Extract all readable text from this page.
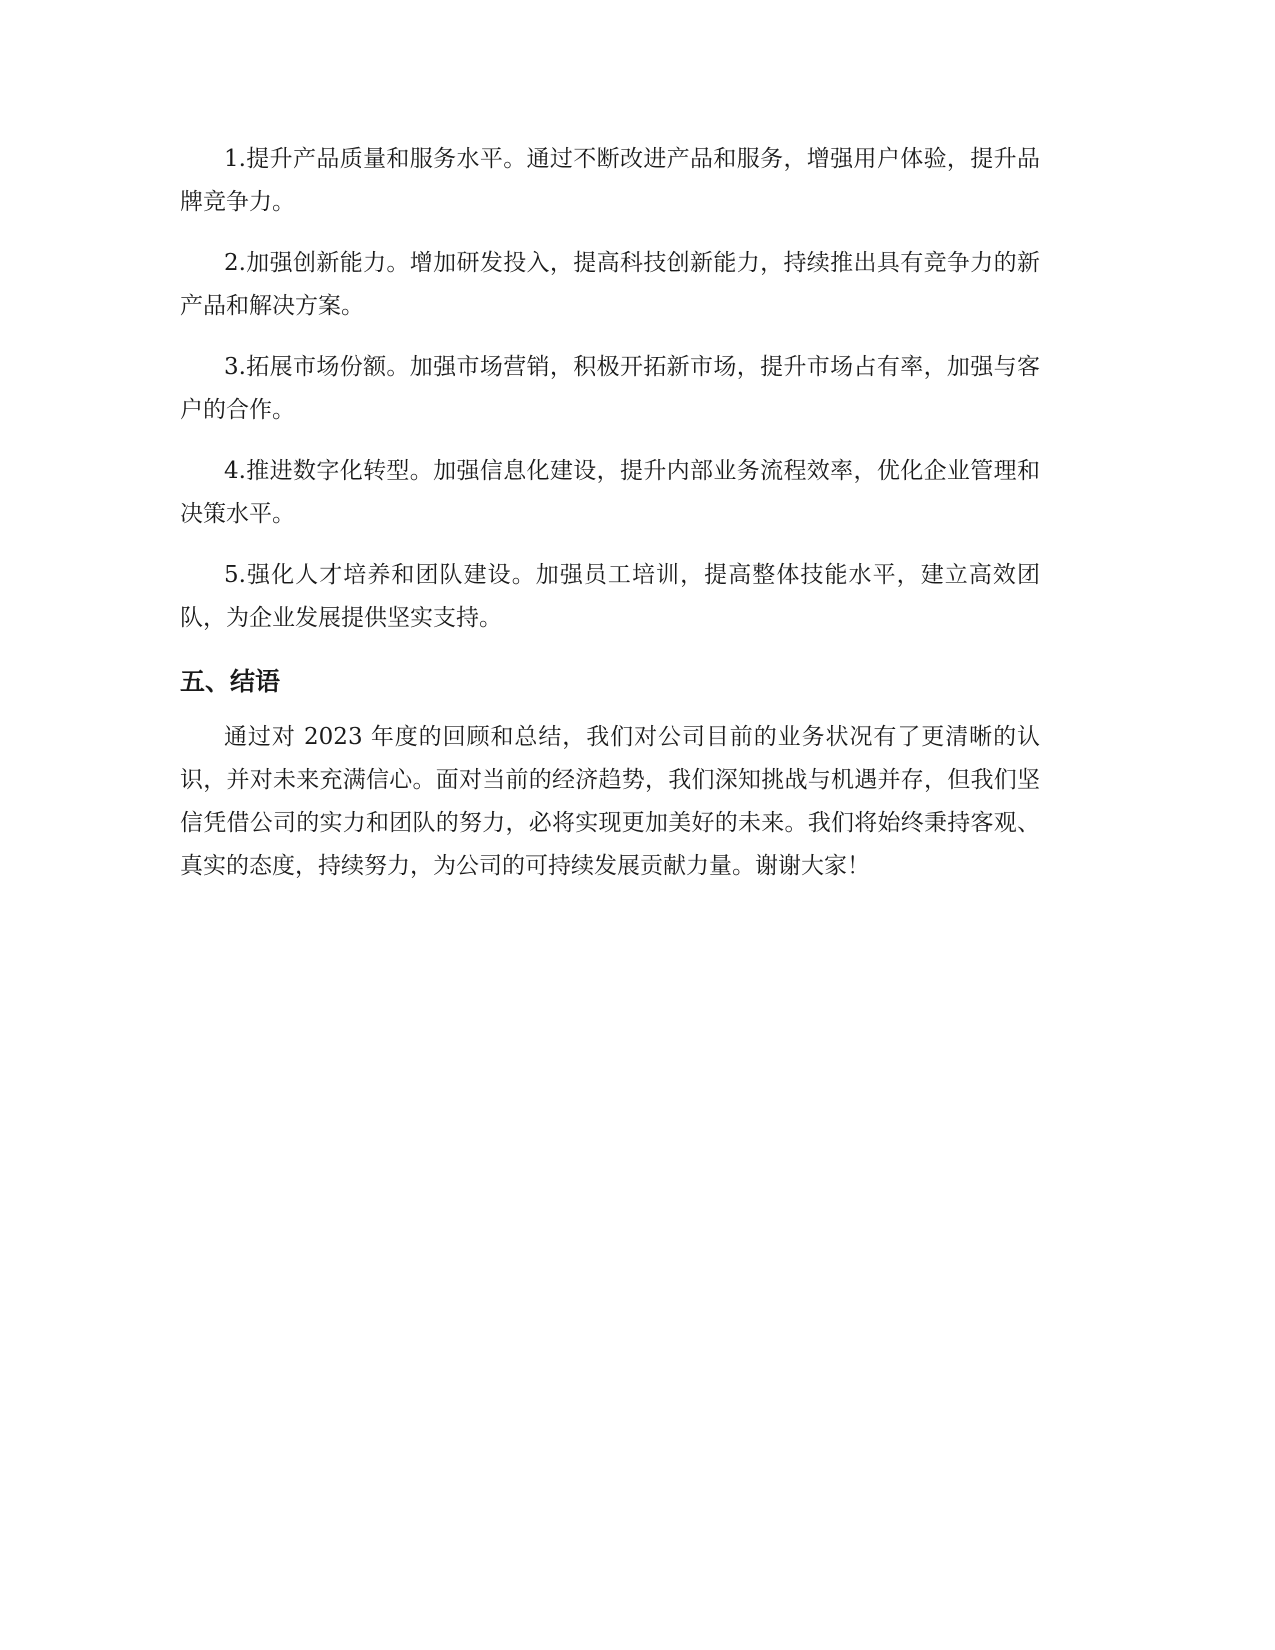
1.提升产品质量和服务水平。通过不断改进产品和服务，增强用户体验，提升品牌竞争力。

2.加强创新能力。增加研发投入，提高科技创新能力，持续推出具有竞争力的新产品和解决方案。

3.拓展市场份额。加强市场营销，积极开拓新市场，提升市场占有率，加强与客户的合作。

4.推进数字化转型。加强信息化建设，提升内部业务流程效率，优化企业管理和决策水平。

5.强化人才培养和团队建设。加强员工培训，提高整体技能水平，建立高效团队，为企业发展提供坚实支持。

五、结语

通过对 2023 年度的回顾和总结，我们对公司目前的业务状况有了更清晰的认识，并对未来充满信心。面对当前的经济趋势，我们深知挑战与机遇并存，但我们坚信凭借公司的实力和团队的努力，必将实现更加美好的未来。我们将始终秉持客观、真实的态度，持续努力，为公司的可持续发展贡献力量。谢谢大家！
